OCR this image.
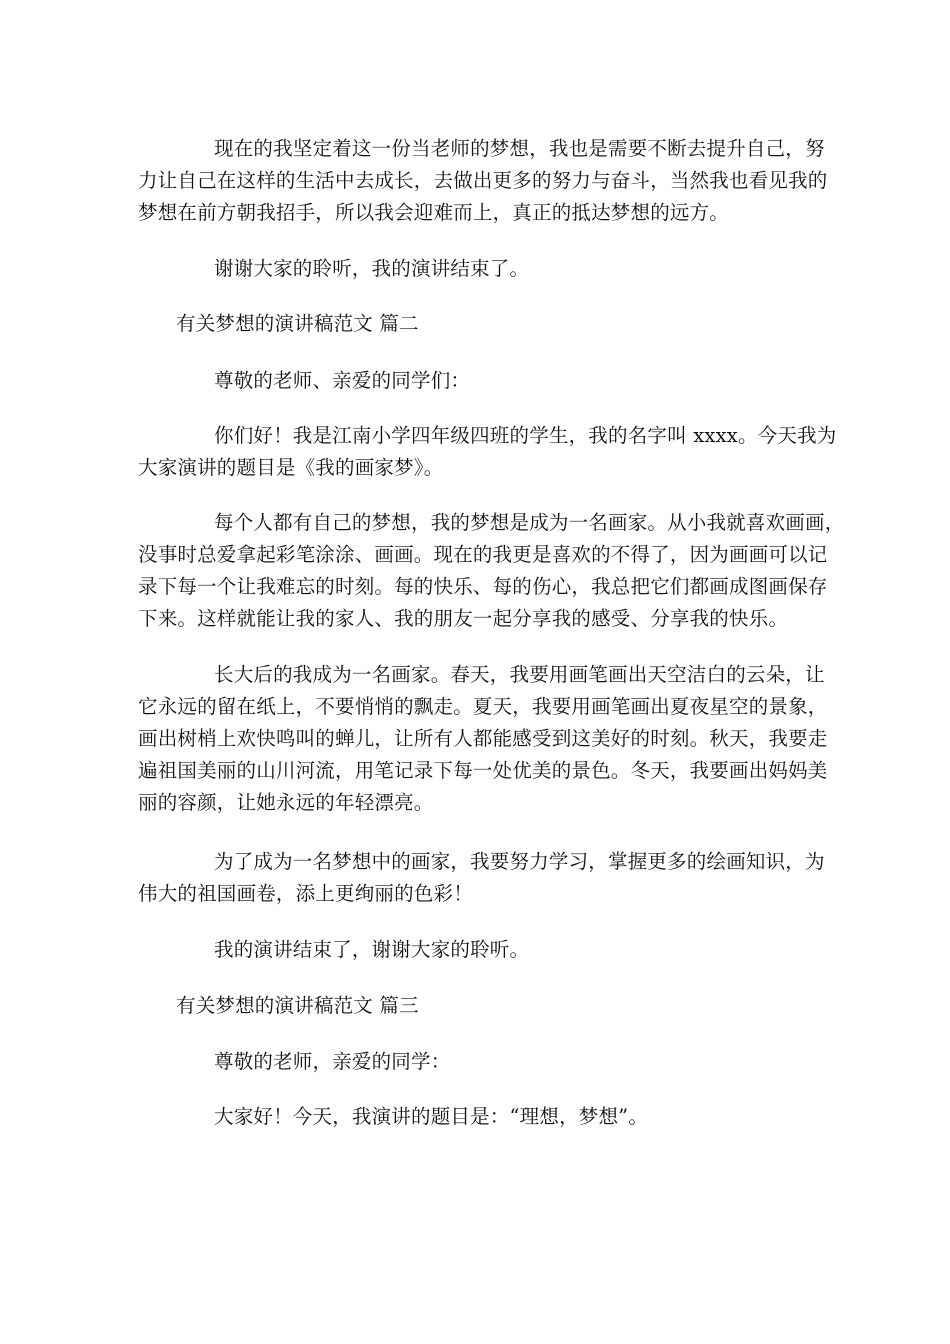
现在的我坚定着这一份当老师的梦想，我也是需要不断去提升自己，努
力让自己在这样的生活中去成长，去做出更多的努力与奋斗，当然我也看见我的
梦想在前方朝我招手，所以我会迎难而上，真正的抵达梦想的远方。
谢谢大家的聆听，我的演讲结束了。
有关梦想的演讲稿范文 篇二
尊敬的老师、亲爱的同学们：
你们好！我是江南小学四年级四班的学生，我的名字叫 xxxx。今天我为
大家演讲的题目是《我的画家梦》。
每个人都有自己的梦想，我的梦想是成为一名画家。从小我就喜欢画画，
没事时总爱拿起彩笔涂涂、画画。现在的我更是喜欢的不得了，因为画画可以记
录下每一个让我难忘的时刻。每的快乐、每的伤心，我总把它们都画成图画保存
下来。这样就能让我的家人、我的朋友一起分享我的感受、分享我的快乐。
长大后的我成为一名画家。春天，我要用画笔画出天空洁白的云朵，让
它永远的留在纸上，不要悄悄的飘走。夏天，我要用画笔画出夏夜星空的景象，
画出树梢上欢快鸣叫的蝉儿，让所有人都能感受到这美好的时刻。秋天，我要走
遍祖国美丽的山川河流，用笔记录下每一处优美的景色。冬天，我要画出妈妈美
丽的容颜，让她永远的年轻漂亮。
为了成为一名梦想中的画家，我要努力学习，掌握更多的绘画知识，为
伟大的祖国画卷，添上更绚丽的色彩！
我的演讲结束了，谢谢大家的聆听。
有关梦想的演讲稿范文 篇三
尊敬的老师，亲爱的同学：
大家好！今天，我演讲的题目是：“理想，梦想”。
